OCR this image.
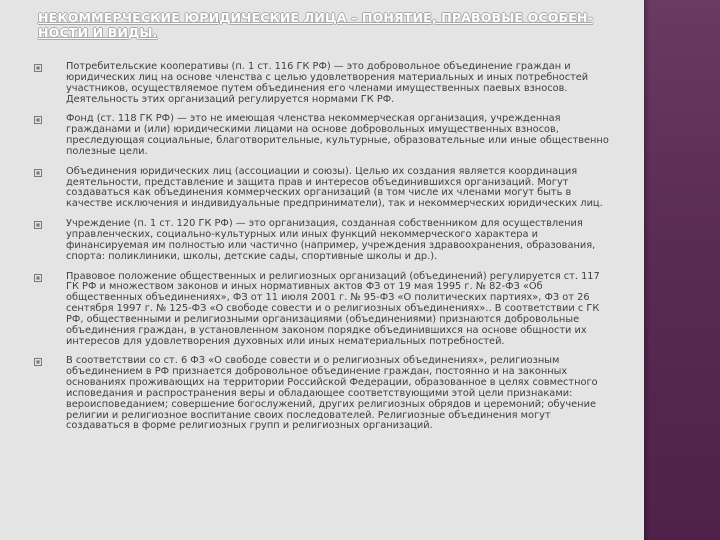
НЕКОММЕРЧЕСКИЕ ЮРИДИЧЕСКИЕ ЛИЦА – ПОНЯТИЕ, ПРАВОВЫЕ ОСОБЕН-НОСТИ И ВИДЫ.
Потребительские кооперативы (п. 1 ст. 116 ГК РФ) — это добровольное объединение граждан и юридических лиц на основе членства с целью удовлетворения материальных и иных потребностей участников, осуществляемое путем объединения его членами имущественных паевых взносов. Деятельность этих организаций регулируется нормами ГК РФ.
Фонд (ст. 118 ГК РФ) — это не имеющая членства некоммерческая организация, учрежденная гражданами и (или) юридическими лицами на основе добровольных имущественных взносов, преследующая социальные, благотворительные, культурные, образовательные или иные общественно полезные цели.
Объединения юридических лиц (ассоциации и союзы). Целью их создания является координация деятельности, представление и защита прав и интересов объединившихся организаций. Могут создаваться как объединения коммерческих организаций (в том числе их членами могут быть в качестве исключения и индивидуальные предприниматели), так и некоммерческих юридических лиц.
Учреждение (п. 1 ст. 120 ГК РФ) — это организация, созданная собственником для осуществления управленческих, социально-культурных или иных функций некоммерческого характера и финансируемая им полностью или частично (например, учреждения здравоохранения, образования, спорта: поликлиники, школы, детские сады, спортивные школы и др.).
Правовое положение общественных и религиозных организаций (объединений) регулируется ст. 117 ГК РФ и множеством законов и иных нормативных актов ФЗ от 19 мая 1995 г. № 82-ФЗ «Об общественных объединениях», ФЗ от 11 июля 2001 г. № 95-ФЗ «О политических партиях», ФЗ от 26 сентября 1997 г. № 125-ФЗ «О свободе совести и о религиозных объединениях».. В соответствии с ГК РФ, общественными и религиозными организациями (объединениями) признаются добровольные объединения граждан, в установленном законом порядке объединившихся на основе общности их интересов для удовлетворения духовных или иных нематериальных потребностей.
В соответствии со ст. 6 ФЗ «О свободе совести и о религиозных объединениях», религиозным объединением в РФ признается добровольное объединение граждан, постоянно и на законных основаниях проживающих на территории Российской Федерации, образованное в целях совместного исповедания и распространения веры и обладающее соответствующими этой цели признаками: вероисповеданием; совершение богослужений, других религиозных обрядов и церемоний; обучение религии и религиозное воспитание своих последователей. Религиозные объединения могут создаваться в форме религиозных групп и религиозных организаций.
